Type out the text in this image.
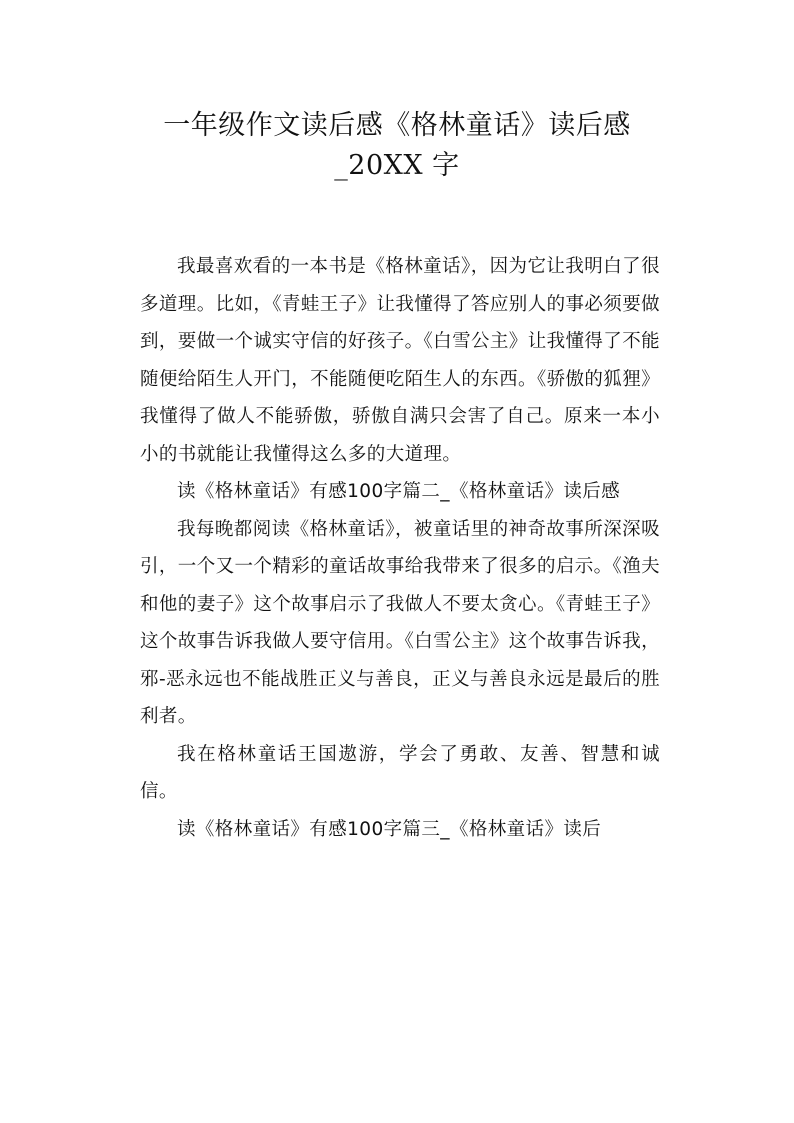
一年级作文读后感《格林童话》读后感
_20XX 字

我最喜欢看的一本书是《格林童话》，因为它让我明白了很多道理。比如，《青蛙王子》让我懂得了答应别人的事必须要做到，要做一个诚实守信的好孩子。《白雪公主》让我懂得了不能随便给陌生人开门，不能随便吃陌生人的东西。《骄傲的狐狸》我懂得了做人不能骄傲，骄傲自满只会害了自己。原来一本小小的书就能让我懂得这么多的大道理。

读《格林童话》有感100字篇二_《格林童话》读后感

我每晚都阅读《格林童话》，被童话里的神奇故事所深深吸引，一个又一个精彩的童话故事给我带来了很多的启示。《渔夫和他的妻子》这个故事启示了我做人不要太贪心。《青蛙王子》这个故事告诉我做人要守信用。《白雪公主》这个故事告诉我，邪-恶永远也不能战胜正义与善良，正义与善良永远是最后的胜利者。

我在格林童话王国遨游，学会了勇敢、友善、智慧和诚信。

读《格林童话》有感100字篇三_《格林童话》读后
